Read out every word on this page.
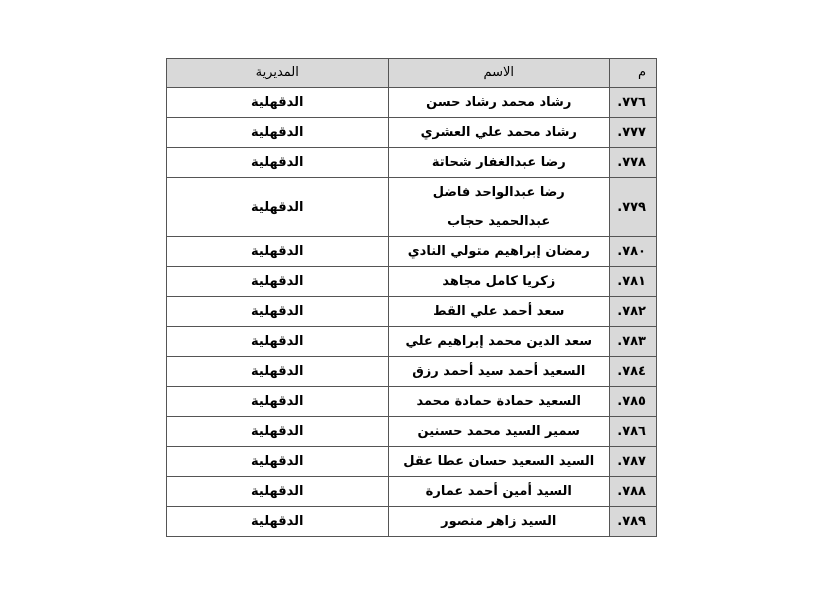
م	الاسم	المديرية
٧٧٦.	رشاد محمد رشاد حسن	الدقهلية
٧٧٧.	رشاد محمد علي العشري	الدقهلية
٧٧٨.	رضا عبدالغفار شحاتة	الدقهلية
٧٧٩.	رضا عبدالواحد فاضل عبدالحميد حجاب	الدقهلية
٧٨٠.	رمضان إبراهيم متولي النادي	الدقهلية
٧٨١.	زكريا كامل مجاهد	الدقهلية
٧٨٢.	سعد أحمد علي القط	الدقهلية
٧٨٣.	سعد الدين محمد إبراهيم علي	الدقهلية
٧٨٤.	السعيد أحمد سيد أحمد رزق	الدقهلية
٧٨٥.	السعيد حمادة حمادة محمد	الدقهلية
٧٨٦.	سمير السيد محمد حسنين	الدقهلية
٧٨٧.	السيد السعيد حسان عطا عقل	الدقهلية
٧٨٨.	السيد أمين أحمد عمارة	الدقهلية
٧٨٩.	السيد زاهر منصور	الدقهلية
